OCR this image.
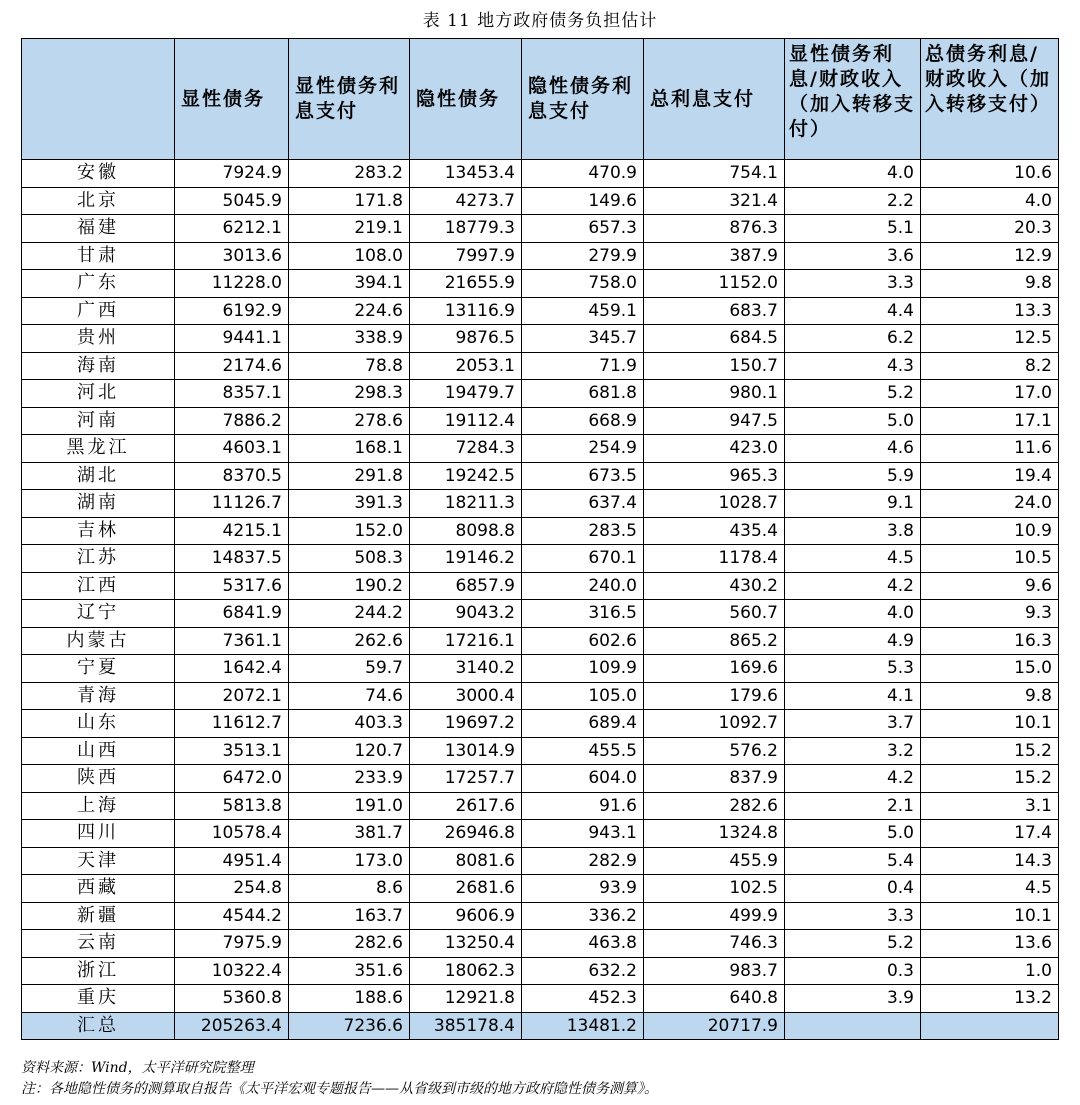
表 11 地方政府债务负担估计
	显性债务	显性债务利息支付	隐性债务	隐性债务利息支付	总利息支付	显性债务利息/财政收入（加入转移支付）	总债务利息/财政收入（加入转移支付）
安徽	7924.9	283.2	13453.4	470.9	754.1	4.0	10.6
北京	5045.9	171.8	4273.7	149.6	321.4	2.2	4.0
福建	6212.1	219.1	18779.3	657.3	876.3	5.1	20.3
甘肃	3013.6	108.0	7997.9	279.9	387.9	3.6	12.9
广东	11228.0	394.1	21655.9	758.0	1152.0	3.3	9.8
广西	6192.9	224.6	13116.9	459.1	683.7	4.4	13.3
贵州	9441.1	338.9	9876.5	345.7	684.5	6.2	12.5
海南	2174.6	78.8	2053.1	71.9	150.7	4.3	8.2
河北	8357.1	298.3	19479.7	681.8	980.1	5.2	17.0
河南	7886.2	278.6	19112.4	668.9	947.5	5.0	17.1
黑龙江	4603.1	168.1	7284.3	254.9	423.0	4.6	11.6
湖北	8370.5	291.8	19242.5	673.5	965.3	5.9	19.4
湖南	11126.7	391.3	18211.3	637.4	1028.7	9.1	24.0
吉林	4215.1	152.0	8098.8	283.5	435.4	3.8	10.9
江苏	14837.5	508.3	19146.2	670.1	1178.4	4.5	10.5
江西	5317.6	190.2	6857.9	240.0	430.2	4.2	9.6
辽宁	6841.9	244.2	9043.2	316.5	560.7	4.0	9.3
内蒙古	7361.1	262.6	17216.1	602.6	865.2	4.9	16.3
宁夏	1642.4	59.7	3140.2	109.9	169.6	5.3	15.0
青海	2072.1	74.6	3000.4	105.0	179.6	4.1	9.8
山东	11612.7	403.3	19697.2	689.4	1092.7	3.7	10.1
山西	3513.1	120.7	13014.9	455.5	576.2	3.2	15.2
陕西	6472.0	233.9	17257.7	604.0	837.9	4.2	15.2
上海	5813.8	191.0	2617.6	91.6	282.6	2.1	3.1
四川	10578.4	381.7	26946.8	943.1	1324.8	5.0	17.4
天津	4951.4	173.0	8081.6	282.9	455.9	5.4	14.3
西藏	254.8	8.6	2681.6	93.9	102.5	0.4	4.5
新疆	4544.2	163.7	9606.9	336.2	499.9	3.3	10.1
云南	7975.9	282.6	13250.4	463.8	746.3	5.2	13.6
浙江	10322.4	351.6	18062.3	632.2	983.7	0.3	1.0
重庆	5360.8	188.6	12921.8	452.3	640.8	3.9	13.2
汇总	205263.4	7236.6	385178.4	13481.2	20717.9		
资料来源：Wind，太平洋研究院整理
注：各地隐性债务的测算取自报告《太平洋宏观专题报告——从省级到市级的地方政府隐性债务测算》。
